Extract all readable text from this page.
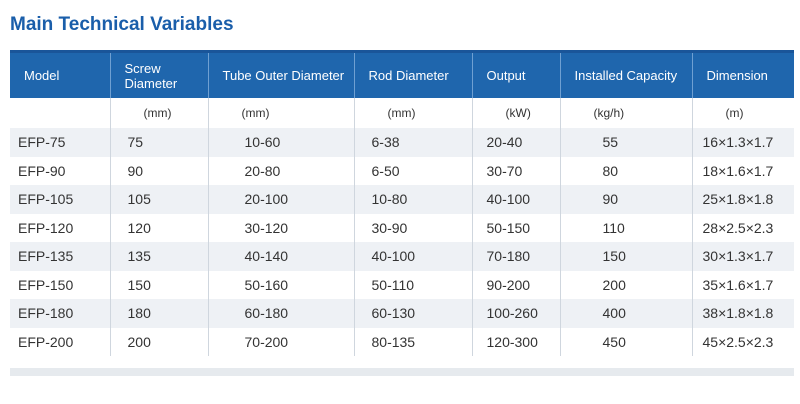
Main Technical Variables
Model	Screw Diameter	Tube Outer Diameter	Rod Diameter	Output	Installed Capacity	Dimension
	(mm)	(mm)	(mm)	(kW)	(kg/h)	(m)
EFP-75	75	10-60	6-38	20-40	55	16×1.3×1.7
EFP-90	90	20-80	6-50	30-70	80	18×1.6×1.7
EFP-105	105	20-100	10-80	40-100	90	25×1.8×1.8
EFP-120	120	30-120	30-90	50-150	110	28×2.5×2.3
EFP-135	135	40-140	40-100	70-180	150	30×1.3×1.7
EFP-150	150	50-160	50-110	90-200	200	35×1.6×1.7
EFP-180	180	60-180	60-130	100-260	400	38×1.8×1.8
EFP-200	200	70-200	80-135	120-300	450	45×2.5×2.3
